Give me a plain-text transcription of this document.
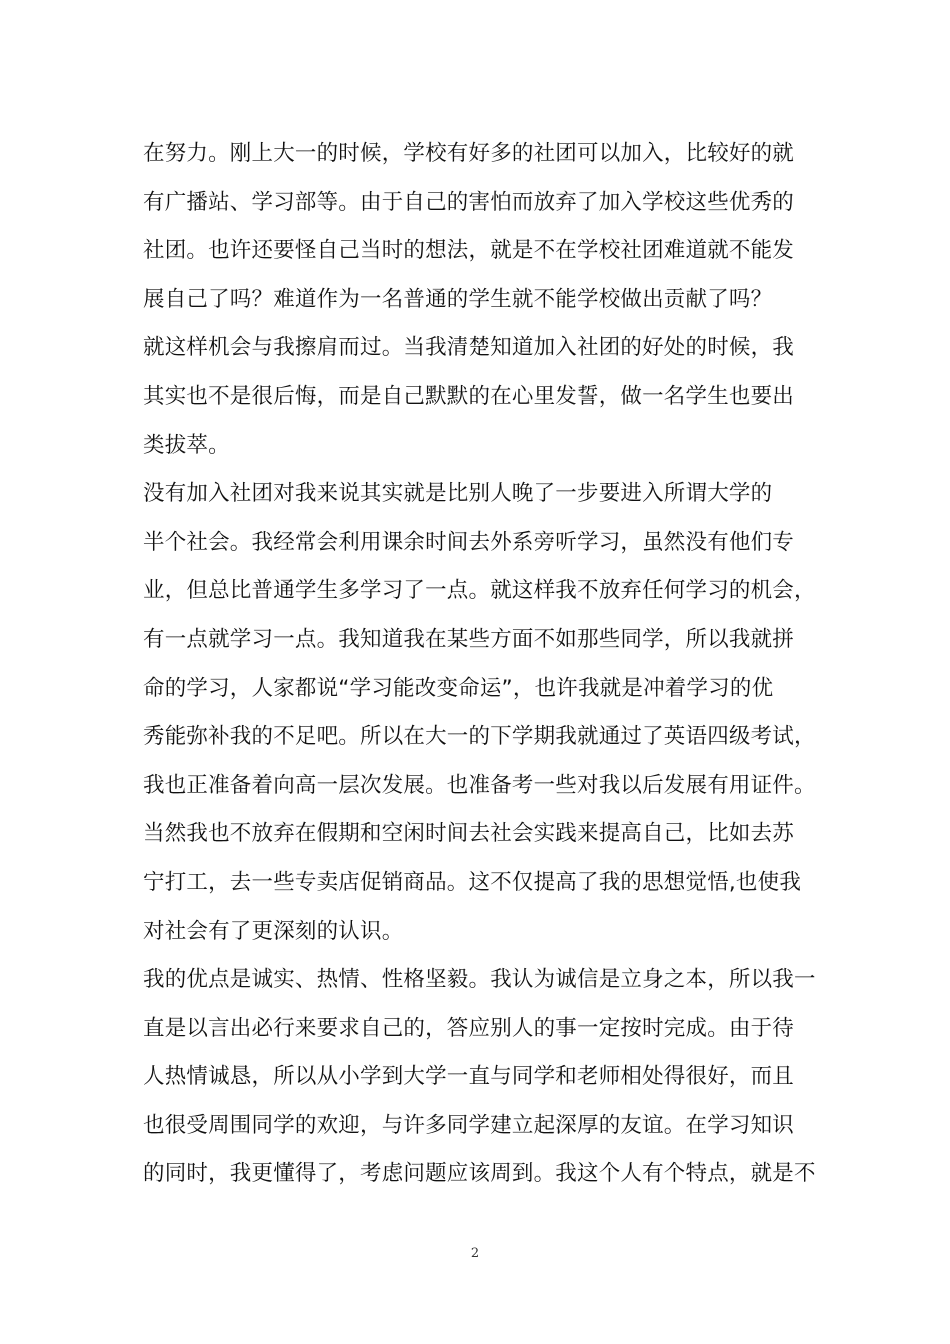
在努力。刚上大一的时候，学校有好多的社团可以加入，比较好的就
有广播站、学习部等。由于自己的害怕而放弃了加入学校这些优秀的
社团。也许还要怪自己当时的想法，就是不在学校社团难道就不能发
展自己了吗？难道作为一名普通的学生就不能学校做出贡献了吗？
就这样机会与我擦肩而过。当我清楚知道加入社团的好处的时候，我
其实也不是很后悔，而是自己默默的在心里发誓，做一名学生也要出
类拔萃。
没有加入社团对我来说其实就是比别人晚了一步要进入所谓大学的
半个社会。我经常会利用课余时间去外系旁听学习，虽然没有他们专
业，但总比普通学生多学习了一点。就这样我不放弃任何学习的机会，
有一点就学习一点。我知道我在某些方面不如那些同学，所以我就拼
命的学习，人家都说“学习能改变命运”，也许我就是冲着学习的优
秀能弥补我的不足吧。所以在大一的下学期我就通过了英语四级考试，
我也正准备着向高一层次发展。也准备考一些对我以后发展有用证件。
当然我也不放弃在假期和空闲时间去社会实践来提高自己，比如去苏
宁打工，去一些专卖店促销商品。这不仅提高了我的思想觉悟,也使我
对社会有了更深刻的认识。
我的优点是诚实、热情、性格坚毅。我认为诚信是立身之本，所以我一
直是以言出必行来要求自己的，答应别人的事一定按时完成。由于待
人热情诚恳，所以从小学到大学一直与同学和老师相处得很好，而且
也很受周围同学的欢迎，与许多同学建立起深厚的友谊。在学习知识
的同时，我更懂得了，考虑问题应该周到。我这个人有个特点，就是不
2
